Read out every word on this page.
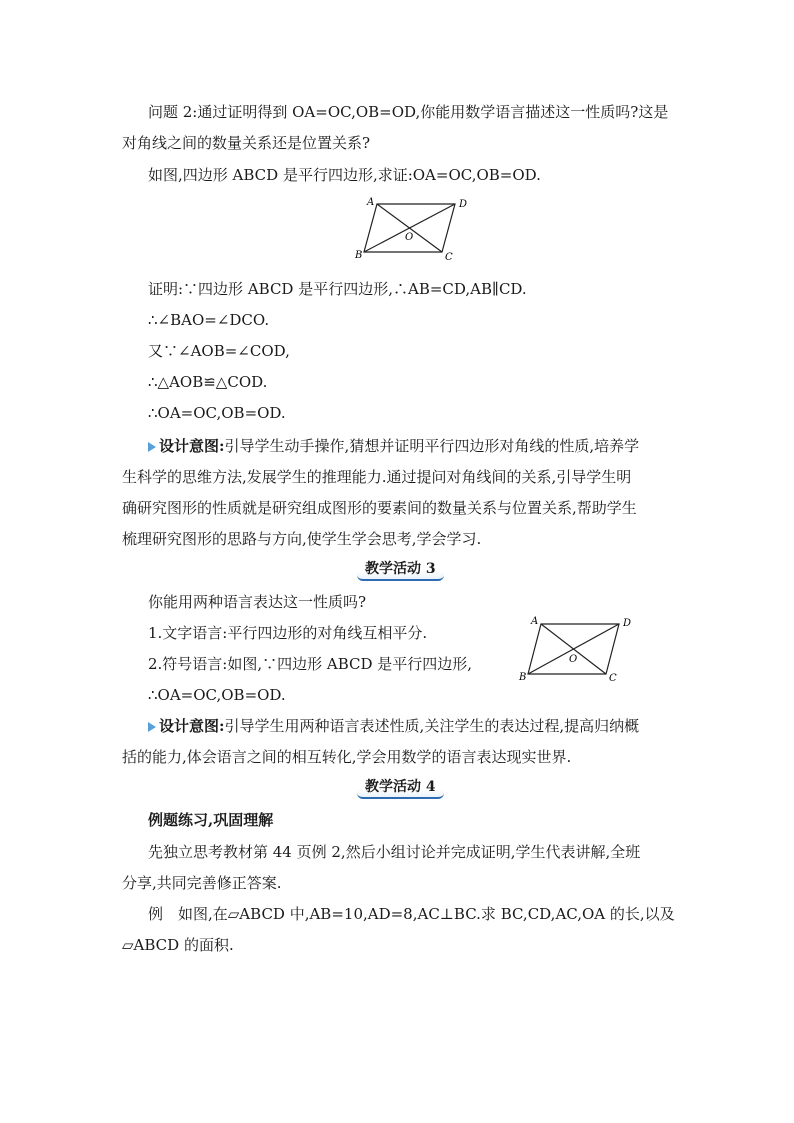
问题 2:通过证明得到 OA=OC,OB=OD,你能用数学语言描述这一性质吗?这是
对角线之间的数量关系还是位置关系?
如图,四边形 ABCD 是平行四边形,求证:OA=OC,OB=OD.
A	D
B	C
O
证明:∵四边形 ABCD 是平行四边形,∴AB=CD,AB∥CD.
∴∠BAO=∠DCO.
又∵∠AOB=∠COD,
∴△AOB≌△COD.
∴OA=OC,OB=OD.
设计意图:引导学生动手操作,猜想并证明平行四边形对角线的性质,培养学
生科学的思维方法,发展学生的推理能力.通过提问对角线间的关系,引导学生明
确研究图形的性质就是研究组成图形的要素间的数量关系与位置关系,帮助学生
梳理研究图形的思路与方向,使学生学会思考,学会学习.
教学活动 3
你能用两种语言表达这一性质吗?
1.文字语言:平行四边形的对角线互相平分.
2.符号语言:如图,∵四边形 ABCD 是平行四边形,
∴OA=OC,OB=OD.
A	D
B	C
O
设计意图:引导学生用两种语言表述性质,关注学生的表达过程,提高归纳概
括的能力,体会语言之间的相互转化,学会用数学的语言表达现实世界.
教学活动 4
例题练习,巩固理解
先独立思考教材第 44 页例 2,然后小组讨论并完成证明,学生代表讲解,全班
分享,共同完善修正答案.
例　如图,在▱ABCD 中,AB=10,AD=8,AC⊥BC.求 BC,CD,AC,OA 的长,以及
▱ABCD 的面积.
